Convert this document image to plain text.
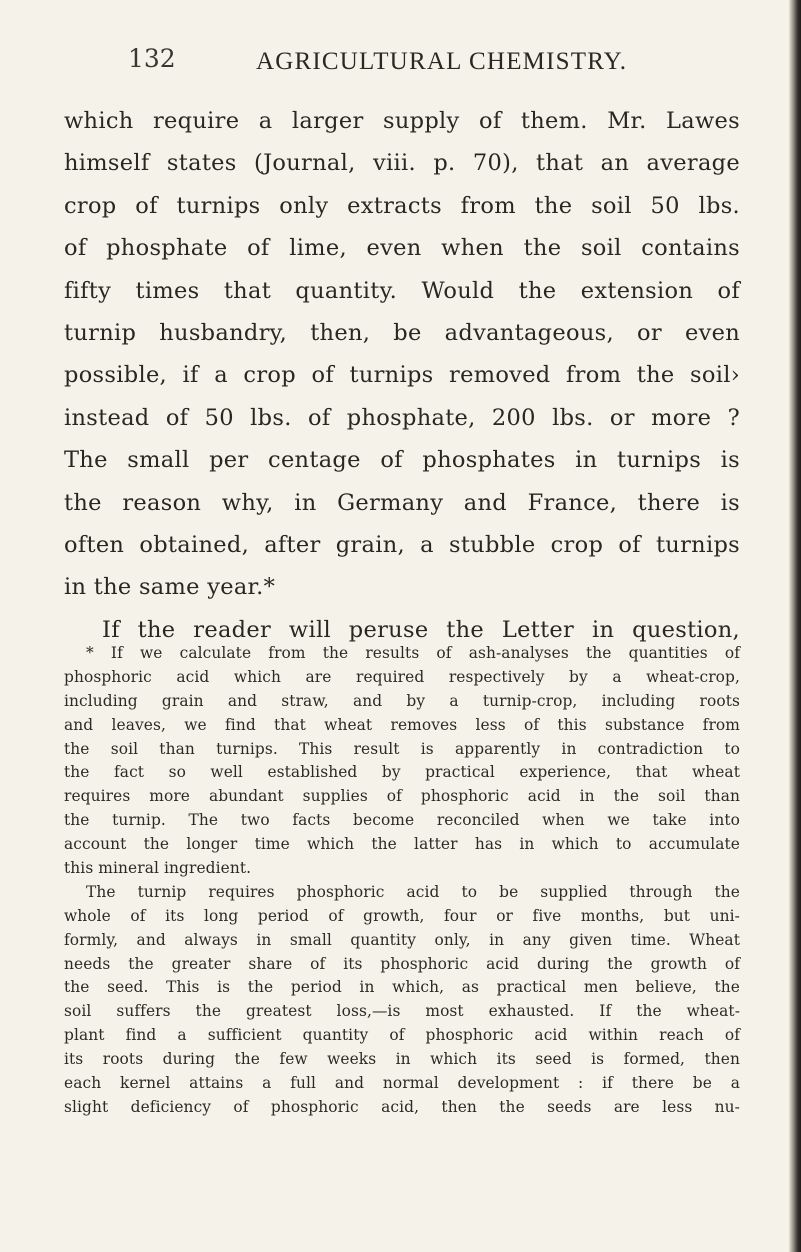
132	AGRICULTURAL CHEMISTRY.
which require a larger supply of them. Mr. Lawes
himself states (Journal, viii. p. 70), that an average
crop of turnips only extracts from the soil 50 lbs.
of phosphate of lime, even when the soil contains
fifty times that quantity. Would the extension of
turnip husbandry, then, be advantageous, or even
possible, if a crop of turnips removed from the soil›
instead of 50 lbs. of phosphate, 200 lbs. or more ?
The small per centage of phosphates in turnips is
the reason why, in Germany and France, there is
often obtained, after grain, a stubble crop of turnips
in the same year.*
If the reader will peruse the Letter in question,
* If we calculate from the results of ash-analyses the quantities of
phosphoric acid which are required respectively by a wheat-crop,
including grain and straw, and by a turnip-crop, including roots
and leaves, we find that wheat removes less of this substance from
the soil than turnips. This result is apparently in contradiction to
the fact so well established by practical experience, that wheat
requires more abundant supplies of phosphoric acid in the soil than
the turnip. The two facts become reconciled when we take into
account the longer time which the latter has in which to accumulate
this mineral ingredient.
The turnip requires phosphoric acid to be supplied through the
whole of its long period of growth, four or five months, but uni-
formly, and always in small quantity only, in any given time. Wheat
needs the greater share of its phosphoric acid during the growth of
the seed. This is the period in which, as practical men believe, the
soil suffers the greatest loss,—is most exhausted. If the wheat-
plant find a sufficient quantity of phosphoric acid within reach of
its roots during the few weeks in which its seed is formed, then
each kernel attains a full and normal development : if there be a
slight deficiency of phosphoric acid, then the seeds are less nu-
